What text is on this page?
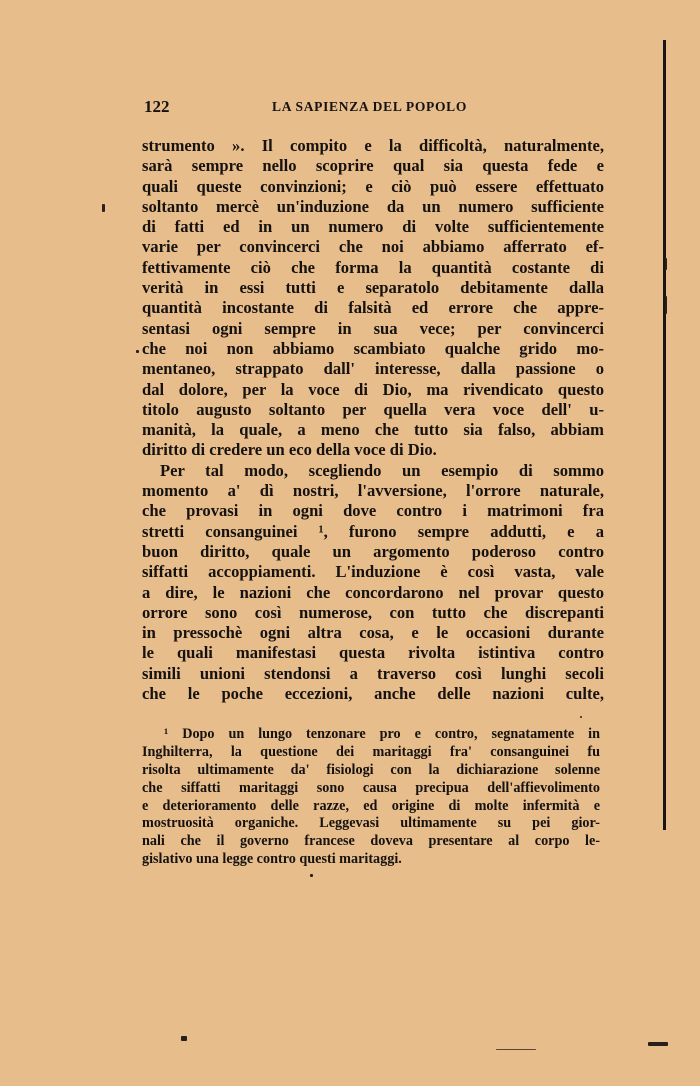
122	LA SAPIENZA DEL POPOLO
strumento ». Il compito e la difficoltà, naturalmente,
sarà sempre nello scoprire qual sia questa fede e
quali queste convinzioni; e ciò può essere effettuato
soltanto mercè un'induzione da un numero sufficiente
di fatti ed in un numero di volte sufficientemente
varie per convincerci che noi abbiamo afferrato ef-
fettivamente ciò che forma la quantità costante di
verità in essi tutti e separatolo debitamente dalla
quantità incostante di falsità ed errore che appre-
sentasi ogni sempre in sua vece; per convincerci
che noi non abbiamo scambiato qualche grido mo-
mentaneo, strappato dall' interesse, dalla passione o
dal dolore, per la voce di Dio, ma rivendicato questo
titolo augusto soltanto per quella vera voce dell' u-
manità, la quale, a meno che tutto sia falso, abbiam
diritto di credere un eco della voce di Dio.
Per tal modo, scegliendo un esempio di sommo
momento a' dì nostri, l'avversione, l'orrore naturale,
che provasi in ogni dove contro i matrimoni fra
stretti consanguinei ¹, furono sempre addutti, e a
buon diritto, quale un argomento poderoso contro
siffatti accoppiamenti. L'induzione è così vasta, vale
a dire, le nazioni che concordarono nel provar questo
orrore sono così numerose, con tutto che discrepanti
in pressochè ogni altra cosa, e le occasioni durante
le quali manifestasi questa rivolta istintiva contro
simili unioni stendonsi a traverso così lunghi secoli
che le poche eccezioni, anche delle nazioni culte,
¹ Dopo un lungo tenzonare pro e contro, segnatamente in
Inghilterra, la questione dei maritaggi fra' consanguinei fu
risolta ultimamente da' fisiologi con la dichiarazione solenne
che siffatti maritaggi sono causa precipua dell'affievolimento
e deterioramento delle razze, ed origine di molte infermità e
mostruosità organiche. Leggevasi ultimamente su pei gior-
nali che il governo francese doveva presentare al corpo le-
gislativo una legge contro questi maritaggi.
